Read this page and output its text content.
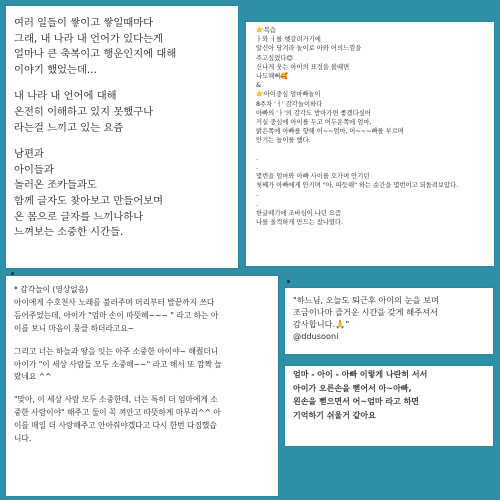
여러 일들이 쌓이고 쌓일때마다
그래, 내 나라 내 언어가 있다는게
얼마나 큰 축복이고 행운인지에 대해
이야기 했었는데...
내 나라 내 언어에 대해
온전히 이해하고 있지 못했구나
라는걸 느끼고 있는 요즘
남편과
아이들과
놀러온 조카들과도
함께 글자도 찾아보고 만들어보며
온 몸으로 글자를 느끼나하나
느껴보는 소중한 시간들.
👉복습
ㅏ와 ㅓ를 헷갈려가기에
알신아 당겨라 놀이로 아와 어의느낌을
주고싶었다😊
신나게 웃는 아이의 표정을 볼때면
나도해뻐🥰
&
👉아이중심 엄마빠놀이
8주차 'ㅓ' 감각놀이하다
아빠의 'ㅏ'의 감각도 받아가면 좋겠다싶어
거실 중심에 아이를 두고 어두운쪽에 엄마,
밝은쪽에 아빠를 향해 어~~엄마, 아~~~빠를 부르며
안기는 놀이를 했다.
.
.
몇번을 엄마와 아빠 사이를 오가며 안기던
첫째가 아빠에게 안기며 "아, 따듯해" 하는 순간을 몇번이고 되돌려보았다.
.
.
한글떼기에 조바심이 나던 요즘
나를 울컥하게 만드는 참나였다.
* 감각놀이 (영상없음)
아이에게 수호천사 노래를 불러주며 머리부터 발끝까지 쓰다
듬어주었는데, 아이가 "엄마 손이 따뜻해~~~ " 라고 하는 아
이를 보니 마음이 뭉클 하더라고요~
그리고 너는 하늘과 땅을 잇는 아주 소중한 아이야~ 해줬더니
아이가 "이 세상 사람들 모두 소중해~~" 라고 해서 또 깜짝 놀
랐네요 ^^
"맞아, 이 세상 사람 모두 소중한데, 너는 특히 더 엄마에게 소
중한 사람이야" 해주고 둘이 꼭 껴안고 따뜻하게 마무리^^ 아
이를 매일 더 사랑해주고 안아줘야겠다고 다시 한번 다짐했습
니다.
"하느님, 오늘도 퇴근후 아이의 눈을 보며
조금이나마 즐거운 시간을 갖게 해주셔서
감사합니다.🙏"
@ddusooni
엄마 - 아이 - 아빠 이렇게 나란히 서서
아이가 오른손을 뻗어서 아~아빠,
왼손을 뻗으면서 어~엄마 라고 하면
기억하기 쉬울거 같아요
